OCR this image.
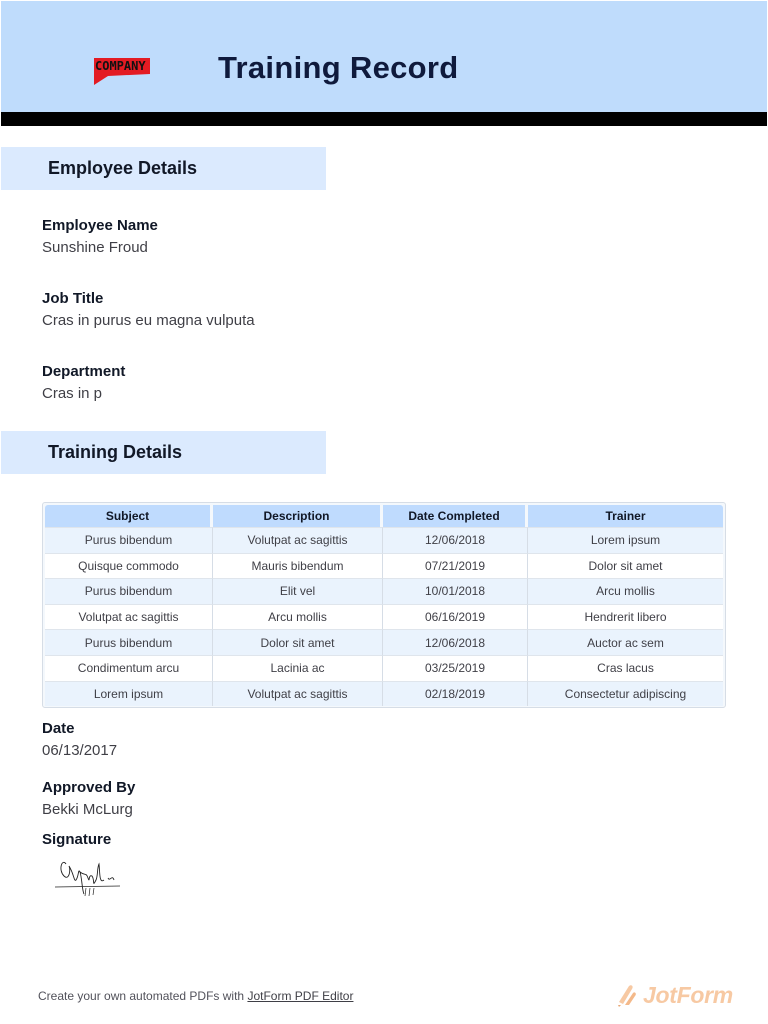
COMPANY Training Record
Employee Details
Employee Name
Sunshine Froud
Job Title
Cras in purus eu magna vulputa
Department
Cras in p
Training Details
Subject	Description	Date Completed	Trainer
Purus bibendum	Volutpat ac sagittis	12/06/2018	Lorem ipsum
Quisque commodo	Mauris bibendum	07/21/2019	Dolor sit amet
Purus bibendum	Elit vel	10/01/2018	Arcu mollis
Volutpat ac sagittis	Arcu mollis	06/16/2019	Hendrerit libero
Purus bibendum	Dolor sit amet	12/06/2018	Auctor ac sem
Condimentum arcu	Lacinia ac	03/25/2019	Cras lacus
Lorem ipsum	Volutpat ac sagittis	02/18/2019	Consectetur adipiscing
Date
06/13/2017
Approved By
Bekki McLurg
Signature
Create your own automated PDFs with JotForm PDF Editor	JotForm
